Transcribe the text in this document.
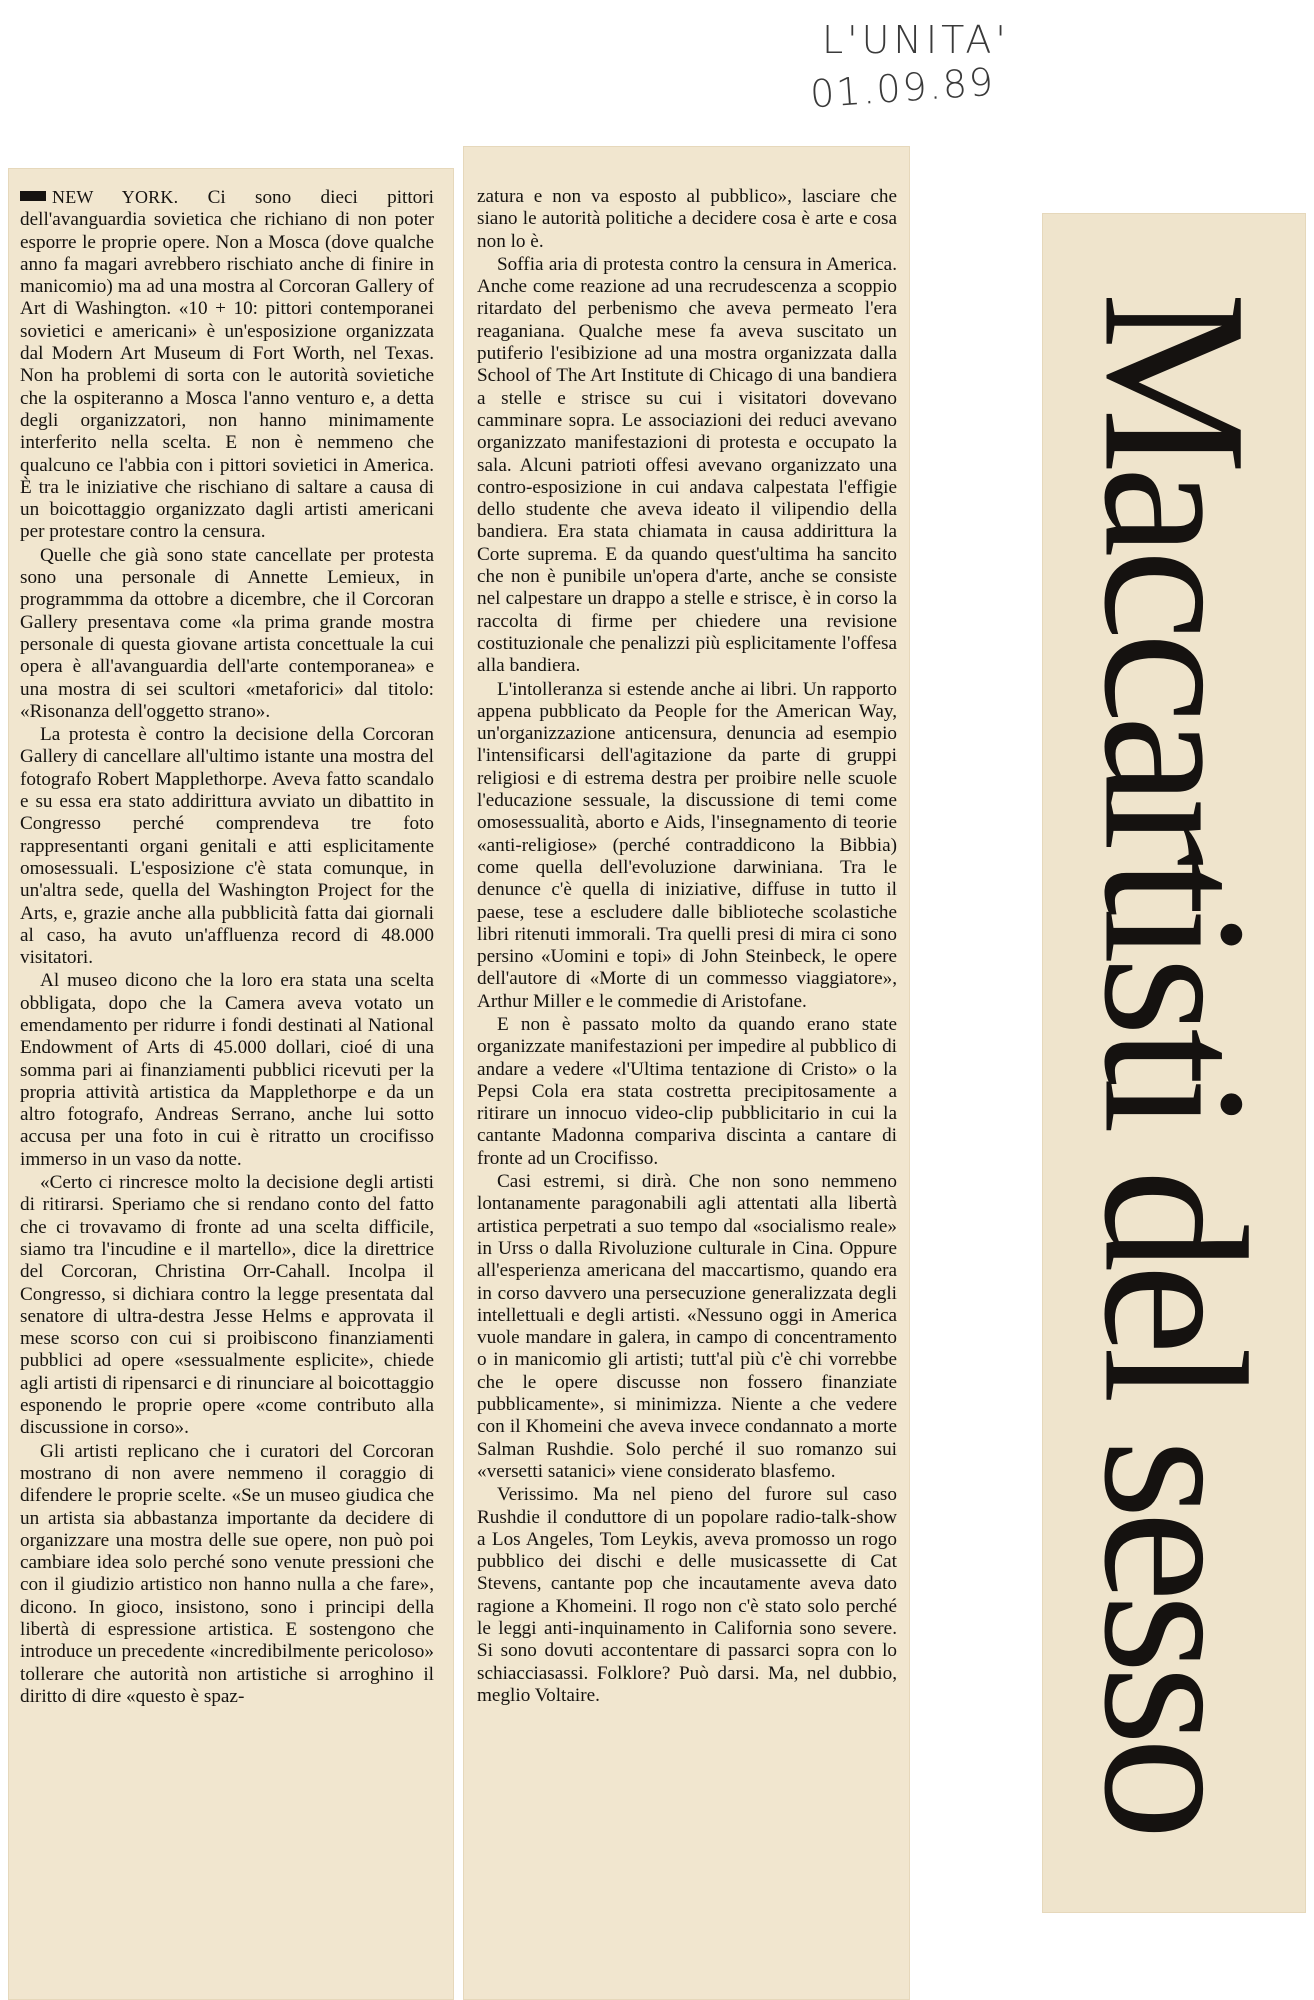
L'UNITA'
01.09.89

NEW YORK. Ci sono dieci pittori dell'avanguardia sovietica che richiano di non poter esporre le proprie opere. Non a Mosca (dove qualche anno fa magari avrebbero rischiato anche di finire in manicomio) ma ad una mostra al Corcoran Gallery of Art di Washington. «10 + 10: pittori contemporanei sovietici e americani» è un'esposizione organizzata dal Modern Art Museum di Fort Worth, nel Texas. Non ha problemi di sorta con le autorità sovietiche che la ospiteranno a Mosca l'anno venturo e, a detta degli organizzatori, non hanno minimamente interferito nella scelta. E non è nemmeno che qualcuno ce l'abbia con i pittori sovietici in America. È tra le iniziative che rischiano di saltare a causa di un boicottaggio organizzato dagli artisti americani per protestare contro la censura.

Quelle che già sono state cancellate per protesta sono una personale di Annette Lemieux, in programmma da ottobre a dicembre, che il Corcoran Gallery presentava come «la prima grande mostra personale di questa giovane artista concettuale la cui opera è all'avanguardia dell'arte contemporanea» e una mostra di sei scultori «metaforici» dal titolo: «Risonanza dell'oggetto strano».

La protesta è contro la decisione della Corcoran Gallery di cancellare all'ultimo istante una mostra del fotografo Robert Mapplethorpe. Aveva fatto scandalo e su essa era stato addirittura avviato un dibattito in Congresso perché comprendeva tre foto rappresentanti organi genitali e atti esplicitamente omosessuali. L'esposizione c'è stata comunque, in un'altra sede, quella del Washington Project for the Arts, e, grazie anche alla pubblicità fatta dai giornali al caso, ha avuto un'affluenza record di 48.000 visitatori.

Al museo dicono che la loro era stata una scelta obbligata, dopo che la Camera aveva votato un emendamento per ridurre i fondi destinati al National Endowment of Arts di 45.000 dollari, cioé di una somma pari ai finanziamenti pubblici ricevuti per la propria attività artistica da Mapplethorpe e da un altro fotografo, Andreas Serrano, anche lui sotto accusa per una foto in cui è ritratto un crocifisso immerso in un vaso da notte.

«Certo ci rincresce molto la decisione degli artisti di ritirarsi. Speriamo che si rendano conto del fatto che ci trovavamo di fronte ad una scelta difficile, siamo tra l'incudine e il martello», dice la direttrice del Corcoran, Christina Orr-Cahall. Incolpa il Congresso, si dichiara contro la legge presentata dal senatore di ultra-destra Jesse Helms e approvata il mese scorso con cui si proibiscono finanziamenti pubblici ad opere «sessualmente esplicite», chiede agli artisti di ripensarci e di rinunciare al boicottaggio esponendo le proprie opere «come contributo alla discussione in corso».

Gli artisti replicano che i curatori del Corcoran mostrano di non avere nemmeno il coraggio di difendere le proprie scelte. «Se un museo giudica che un artista sia abbastanza importante da decidere di organizzare una mostra delle sue opere, non può poi cambiare idea solo perché sono venute pressioni che con il giudizio artistico non hanno nulla a che fare», dicono. In gioco, insistono, sono i principi della libertà di espressione artistica. E sostengono che introduce un precedente «incredibilmente pericoloso» tollerare che autorità non artistiche si arroghino il diritto di dire «questo è spaz-

zatura e non va esposto al pubblico», lasciare che siano le autorità politiche a decidere cosa è arte e cosa non lo è.

Soffia aria di protesta contro la censura in America. Anche come reazione ad una recrudescenza a scoppio ritardato del perbenismo che aveva permeato l'era reaganiana. Qualche mese fa aveva suscitato un putiferio l'esibizione ad una mostra organizzata dalla School of The Art Institute di Chicago di una bandiera a stelle e strisce su cui i visitatori dovevano camminare sopra. Le associazioni dei reduci avevano organizzato manifestazioni di protesta e occupato la sala. Alcuni patrioti offesi avevano organizzato una contro-esposizione in cui andava calpestata l'effigie dello studente che aveva ideato il vilipendio della bandiera. Era stata chiamata in causa addirittura la Corte suprema. E da quando quest'ultima ha sancito che non è punibile un'opera d'arte, anche se consiste nel calpestare un drappo a stelle e strisce, è in corso la raccolta di firme per chiedere una revisione costituzionale che penalizzi più esplicitamente l'offesa alla bandiera.

L'intolleranza si estende anche ai libri. Un rapporto appena pubblicato da People for the American Way, un'organizzazione anticensura, denuncia ad esempio l'intensificarsi dell'agitazione da parte di gruppi religiosi e di estrema destra per proibire nelle scuole l'educazione sessuale, la discussione di temi come omosessualità, aborto e Aids, l'insegnamento di teorie «anti-religiose» (perché contraddicono la Bibbia) come quella dell'evoluzione darwiniana. Tra le denunce c'è quella di iniziative, diffuse in tutto il paese, tese a escludere dalle biblioteche scolastiche libri ritenuti immorali. Tra quelli presi di mira ci sono persino «Uomini e topi» di John Steinbeck, le opere dell'autore di «Morte di un commesso viaggiatore», Arthur Miller e le commedie di Aristofane.

E non è passato molto da quando erano state organizzate manifestazioni per impedire al pubblico di andare a vedere «l'Ultima tentazione di Cristo» o la Pepsi Cola era stata costretta precipitosamente a ritirare un innocuo video-clip pubblicitario in cui la cantante Madonna compariva discinta a cantare di fronte ad un Crocifisso.

Casi estremi, si dirà. Che non sono nemmeno lontanamente paragonabili agli attentati alla libertà artistica perpetrati a suo tempo dal «socialismo reale» in Urss o dalla Rivoluzione culturale in Cina. Oppure all'esperienza americana del maccartismo, quando era in corso davvero una persecuzione generalizzata degli intellettuali e degli artisti. «Nessuno oggi in America vuole mandare in galera, in campo di concentramento o in manicomio gli artisti; tutt'al più c'è chi vorrebbe che le opere discusse non fossero finanziate pubblicamente», si minimizza. Niente a che vedere con il Khomeini che aveva invece condannato a morte Salman Rushdie. Solo perché il suo romanzo sui «versetti satanici» viene considerato blasfemo.

Verissimo. Ma nel pieno del furore sul caso Rushdie il conduttore di un popolare radio-talk-show a Los Angeles, Tom Leykis, aveva promosso un rogo pubblico dei dischi e delle musicassette di Cat Stevens, cantante pop che incautamente aveva dato ragione a Khomeini. Il rogo non c'è stato solo perché le leggi anti-inquinamento in California sono severe. Si sono dovuti accontentare di passarci sopra con lo schiacciasassi. Folklore? Può darsi. Ma, nel dubbio, meglio Voltaire.	Maccartisti del sesso
